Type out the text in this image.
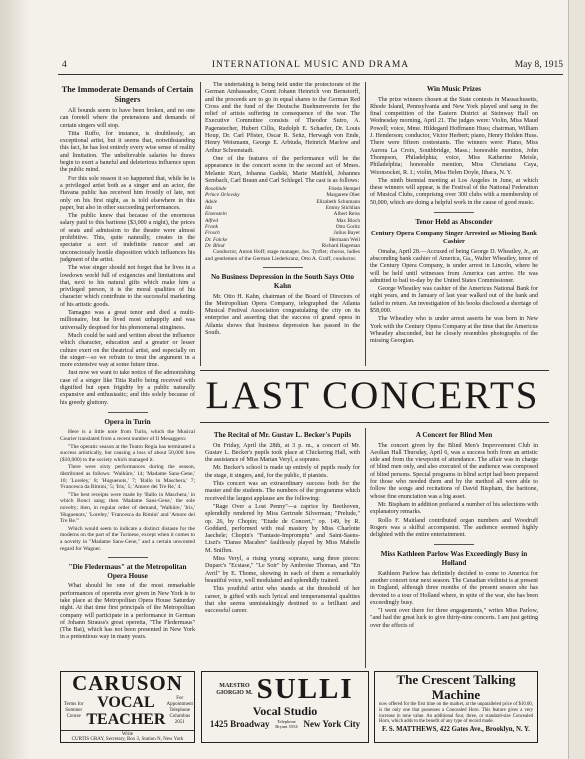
4	INTERNATIONAL MUSIC AND DRAMA	May 8, 1915
The Immoderate Demands of Certain Singers

All bounds seem to have been broken, and no one can foretell where the pretensions and demands of certain singers will stop.

Titta Ruffo, for instance, is doubtlessly, an exceptional artist, but it seems that, notwithstanding this fact, he has lost entirely every wise sense of reality and limitation. The unbelievable salaries he draws begin to exert a baneful and deleterious influence upon the public mind.

For this sole reason it so happened that, while he is a privileged artist both as a singer and an actor, the Havana public has received him frostily of late, not only on his first night, as is told elsewhere in this paper, but also in other succeeding performances.

The public knew that because of the enormous salary paid to this baritone ($3,000 a night), the prices of seats and admission to the theatre were almost prohibitive. This, quite naturally, creates in the spectator a sort of indefinite rancor and an unconsciously hostile disposition which influences his judgment of the artist.

The wise singer should not forget that he lives in a lowdown world full of exigencies and limitations and that, next to his natural gifts which make him a privileged person, it is the moral qualities of his character which contribute to the successful marketing of his artistic goods.

Tamagno was a great tenor and died a multi-millionaire, but he lived most unhappily and was universally despised for his phenomenal stinginess.

Much could be said and written about the influence which character, education and a greater or lesser culture exert on the theatrical artist, and especially on the singer—so we refrain to treat the argument in a more extensive way at some future time.

Just now we want to take notice of the admonishing case of a singer like Titta Ruffo being received with dignified but open frigidity by a public naturally expansive and enthusiastic; and this solely because of his greedy gluttony.

Opera in Turin

Here is a little note from Turin, which the Musical Courier translated from a recent number of Il Mesaggero:

"The operatic season at the Teatro Regia has terminated a success artistically, but causing a loss of about 50,000 lires ($10,000) to the society which managed it.

There were sixty performances during the season, distributed as follows: 'Walküre,' 14; 'Madame Sans-Gene,' 10; 'Loreley,' 8; 'Huguenots,' 7; 'Ballo in Maschera,' 7; 'Francesca da Rimini,' 5; 'Iris,' 5; 'Amore dei Tre Re,' 4.

"The best receipts were made by 'Ballo in Maschera,' in which Bonci sang; then 'Madame Sans-Gene,' the sole novelty; then, in regular order of demand, 'Walküre,' 'Iris,' 'Huguenots,' 'Loreley,' 'Francesca da Rimini' and 'Amore dei Tre Re.'"

Which would seem to indicate a distinct distaste for the moderns on the part of the Turinese, except when it comes to a novelty in "Madame Sans-Gene," and a certain unwonted regard for Wagner.

"Die Fledermaus" at the Metropolitan Opera House

What should be one of the most remarkable performances of operetta ever given in New York is to take place at the Metropolitan Opera House Saturday night. At that time first principals of the Metropolitan company will participate in a performance in German of Johann Strauss's great operetta, "The Fledermaus" (The Bat), which has not been presented in New York in a pretentious way in many years.

The undertaking is being held under the protectorate of the German Ambassador, Count Johann Heinrich von Bernstorff, and the proceeds are to go in equal shares to the German Red Cross and the fund of the Deutsche Buehnenverein for the relief of artists suffering in consequence of the war. The Executive Committee consists of Theodor Sutro, A. Pagenstecher, Hubert Cillis, Rudolph E. Schaefer, Dr. Louis Houp, Dr. Carl Pfister, Oscar R. Seitz, Herwagh von Ende, Henry Weismann, George E. Arbtuda, Heinrich Marlow and Arthur Schoenstadt.

One of the features of the performance will be the appearance in the concert scene in the second act of Mmes. Melanie Kurt, Johanna Gadski, Marie Mattfeld, Johannes Sembach, Carl Braun and Carl Schlegel. The cast is as follows:

Rosalinde	Frieda Hempel
Prince Orlovsky	Margarete Ober
Adele	Elizabeth Schumann
Ida	Emmy Stichlian
Eisenstein	Albert Reiss
Alfred	Max Bloch
Frank	Otto Goritz
Frosch	Julius Bayer
Dr. Falcke	Hermann Weil
Dr. Blind	Richard Hageman

Conductor, Anton Hoff; stage manager, Jos. Tyrflet; chorus, ladies and gentlemen of the German Liederkranz, Otto A. Graff, conductor.

No Business Depression in the South Says Otto Kahn

Mr. Otto H. Kahn, chairman of the Board of Directors of the Metropolitan Opera Company, telegraphed the Atlanta Musical Festival Association congratulating the city on its enterprise and asserting that the success of grand opera in Atlanta shows that business depression has passed in the South.

Win Music Prizes

The prize winners chosen at the State contests in Massachusetts, Rhode Island, Pennsylvania and New York played and sang in the final competition of the Eastern District at Steinway Hall on Wednesday morning, April 21. The judges were: Violin, Miss Maud Powell; voice, Mme. Hildegard Hoffmann Huss; chairman, William J. Henderson; conductor, Victor Herbert; piano, Henry Holden Huss. There were fifteen contestants. The winners were: Piano, Miss Aurora La Croix, Southbridge, Mass.; honorable mention, John Thompson, Philadelphia; voice, Miss Katherine Meisle, Philadelphia; honorable mention, Miss Christiana Caya, Woonsocket, R. I.; violin, Miss Helen Doyle, Ithaca, N. Y.

The ninth biennial meeting at Los Angeles in June, at which these winners will appear, is the Festival of the National Federation of Musical Clubs, comprising over 300 clubs with a membership of 50,000, which are doing a helpful work in the cause of good music.

Tenor Held as Absconder
Century Opera Company Singer Arrested as Missing Bank Cashier

Omaha, April 28.—Accused of being George D. Wheatley, Jr., an absconding bank cashier of America, Ga., Walter Wheatley, tenor of the Century Opera Company, is under arrest in Lincoln, where he will be held until witnesses from America can arrive. He was admitted to bail to-day by the United States Commissioner.

George Wheatley was cashier of the Americus National Bank for eight years, and in January of last year walked out of the bank and failed to return. An investigation of his books disclosed a shortage of $58,000.

The Wheatley who is under arrest asserts he was born in New York with the Century Opera Company at the time that the Americus Wheatley absconded, but he closely resembles photographs of the missing Georgian.

LAST CONCERTS
The Recital of Mr. Gustav L. Becker's Pupils

On Friday, April the 28th, at 3 p. m., a concert of Mr. Gustav L. Becker's pupils took place at Chickering Hall, with the assistance of Miss Marian Veryl, a soprano.

Mr. Becker's school is made up entirely of pupils ready for the stage, it singers, and, for the public, if pianists.

This concert was an extraordinary success both for the master and the students. The numbers of the programme which received the largest applause are the following:

"Rage Over a Lost Penny"—a caprice by Beethoven, splendidly rendered by Miss Gertrude Silverman; "Prelude," op. 26, by Chopin; "Etude de Concert," op. 149, by R. Goddard, performed with real mastery by Miss Charlotte Jaechele; Chopin's "Fantasie-Impromptu" and Saint-Saens-Liszt's "Danse Macabre" faultlessly played by Miss Mabelle M. Sniffen.

Miss Veryl, a rising young soprano, sang three pieces: Duparc's "Ecstase," "Le Soir" by Ambroise Thomas, and "En Avril" by E. Thome, showing in each of them a remarkably beautiful voice, well modulated and splendidly trained.

This youthful artist who stands at the threshold of her career, is gifted with such lyrical and temperamental qualities that she seems unmistakingly destined to a brilliant and successful career.

A Concert for Blind Men

The concert given by the Blind Men's Improvement Club in Aeolian Hall Thursday, April 6, was a success both from an artistic side and from the viewpoint of attendance. The affair was in charge of blind men only, and also executed of the audience was composed of blind persons. Special programs in blind script had been prepared for those who needed them and by the method all were able to follow the songs and recitations of David Bispham, the baritone, whose fine enunciation was a big asset.

Mr. Bispham in addition prefaced a number of his selections with explanatory remarks.

Rollo F. Maitland contributed organ numbers and Woodruff Rogers was a skilful accompanist. The audience seemed highly delighted with the entire entertainment.

Miss Kathleen Parlow Was Exceedingly Busy in Holland

Kathleen Parlow has definitely decided to come to America for another concert tour next season. The Canadian violinist is at present in England, although three months of the present season she has devoted to a tour of Holland where, in spite of the war, she has been exceedingly busy.

"I went over there for three engagements," writes Miss Parlow, "and had the great luck to give thirty-nine concerts. I am just getting over the effects of

CARUSON
Terms for Summer Course
VOCAL
TEACHER
For Appointment Telephone Columbus 2051
Write
CURTIS GRAY, Secretary, Box 3, Station N, New York
MAESTRO
GIORGIO M. SULLI
Vocal Studio
1425 Broadway	Telephone Bryant 5554 New York City
The Crescent Talking Machine
now offered for the first time on the market, at the unparalleled price of $10.00, is the only one that possesses a Concealed Horn. This feature gives a very increase in tone value. An additional four, three, or standard-size Concealed Horn, which adds to the benefit of any type of record made.
F. S. MATTHEWS, 422 Gates Ave., Brooklyn, N. Y.
